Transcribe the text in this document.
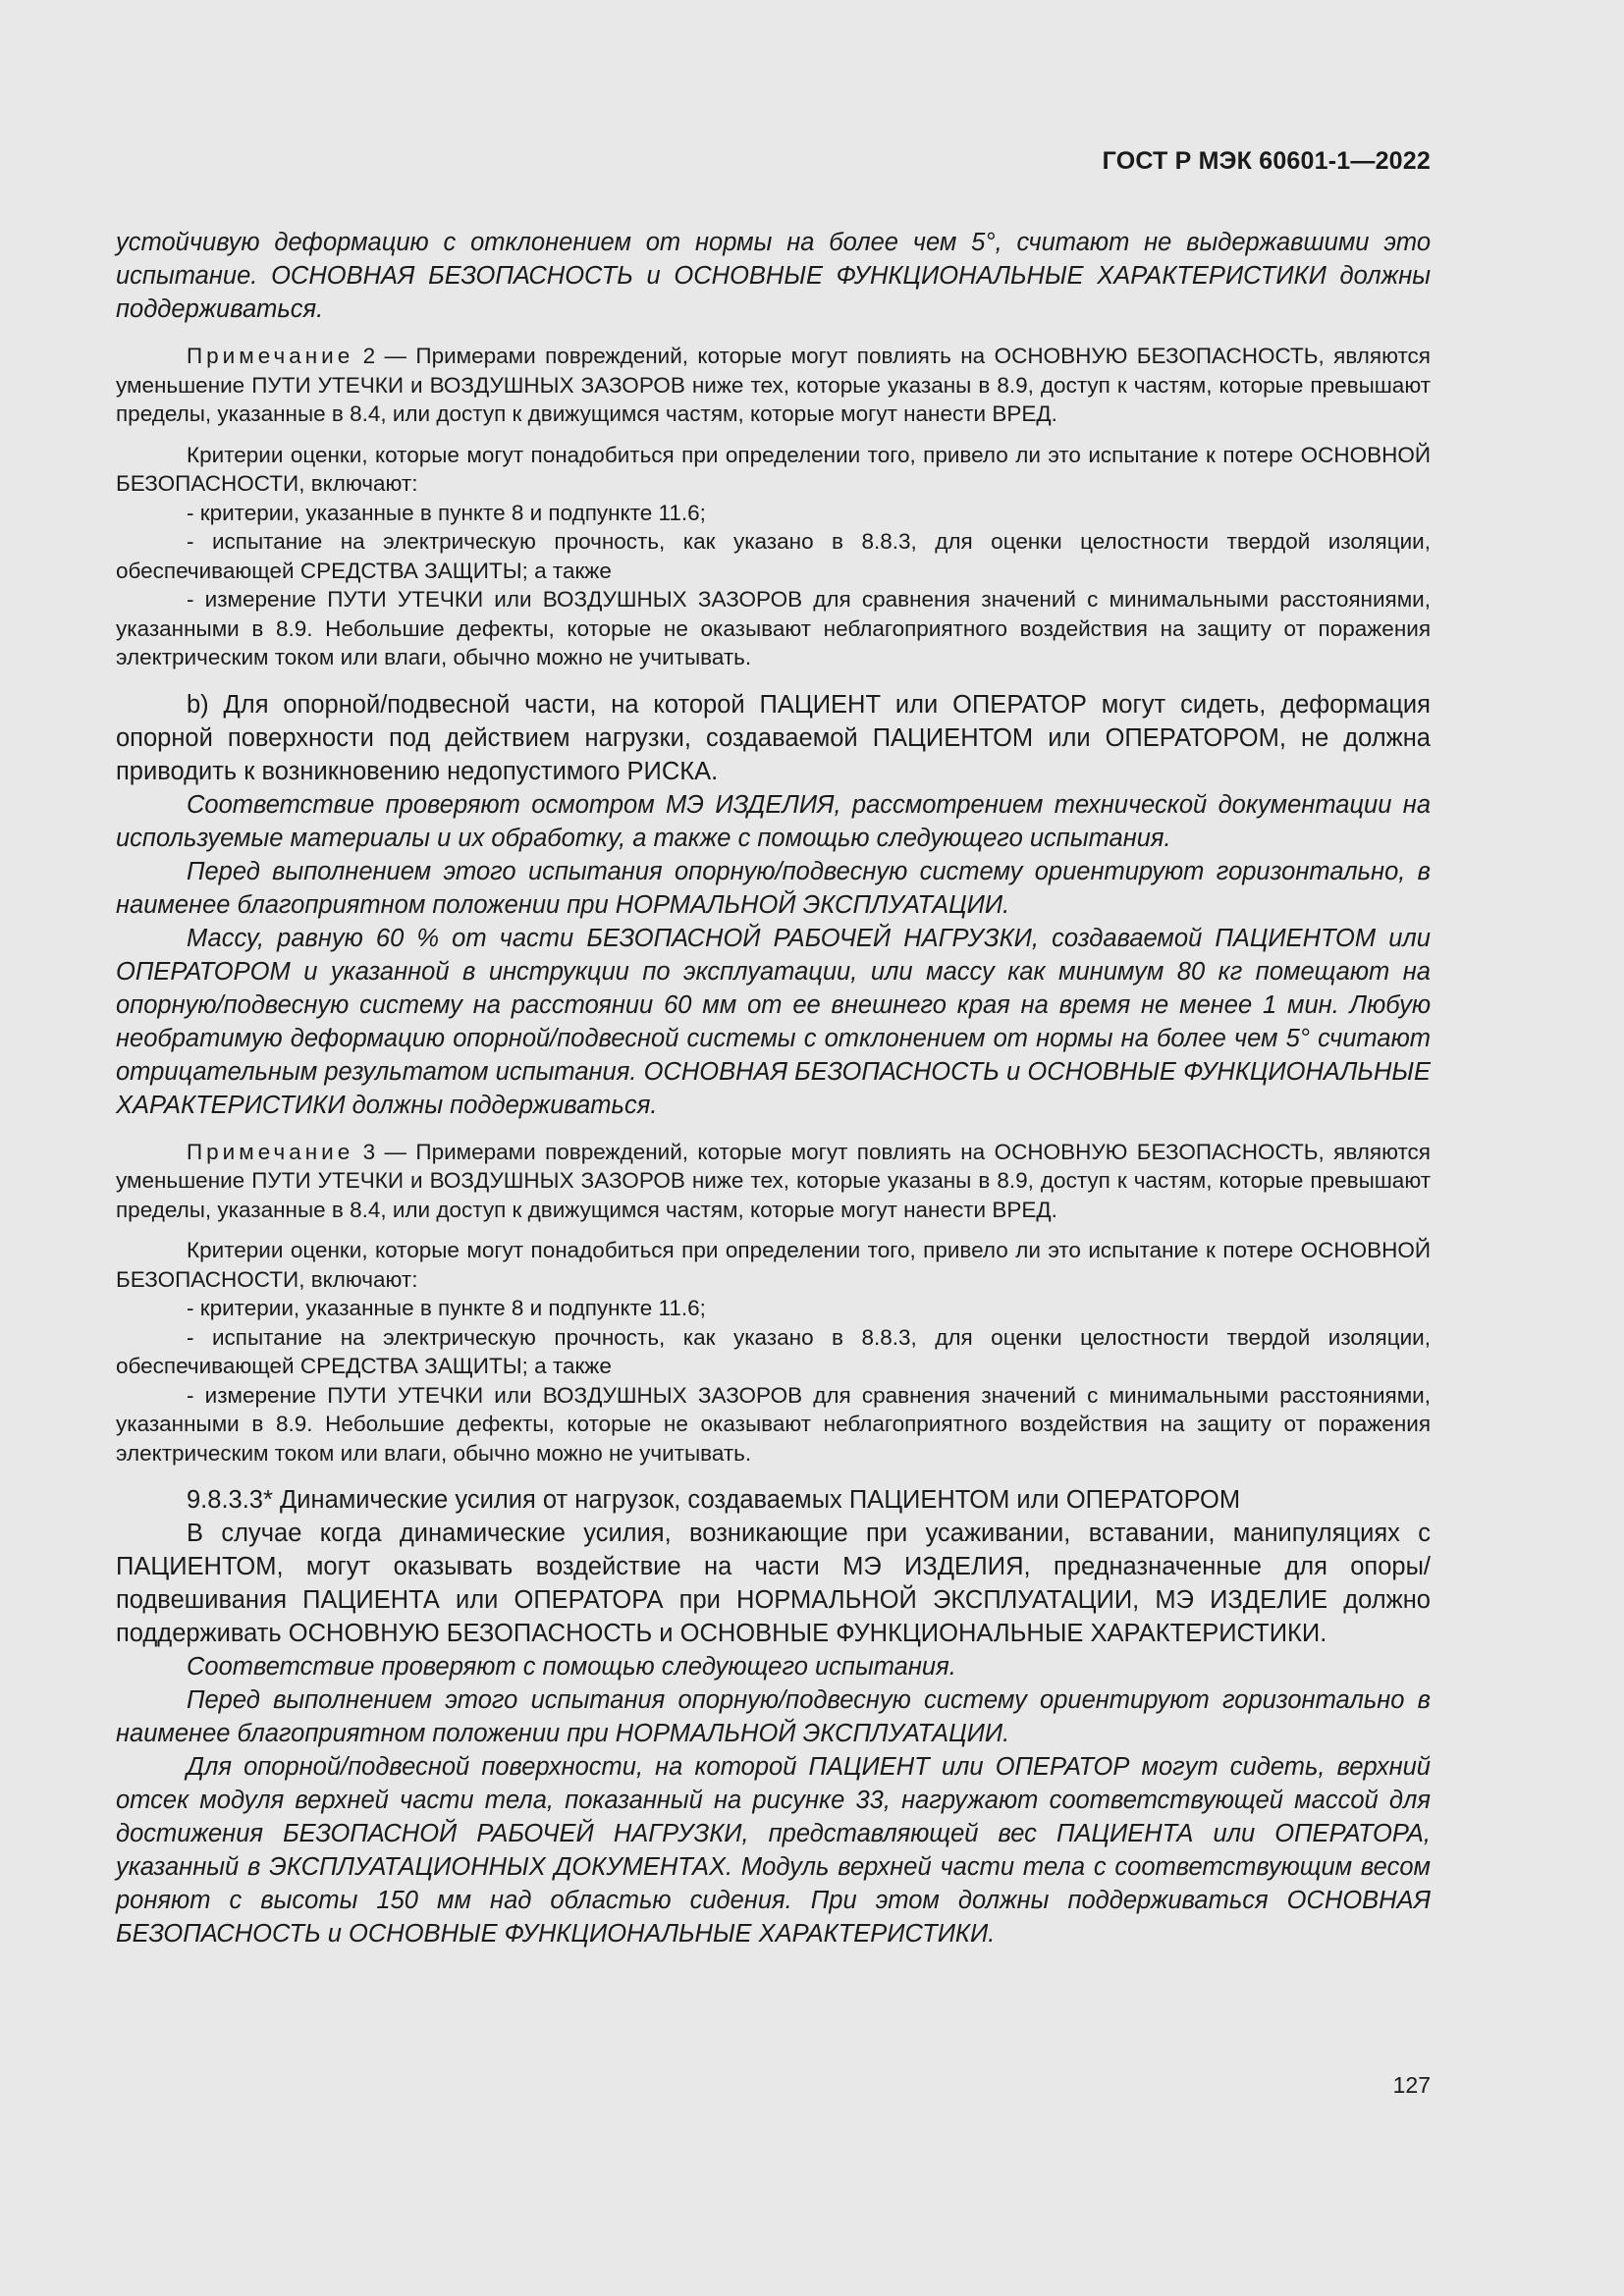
ГОСТ Р МЭК 60601-1—2022

устойчивую деформацию с отклонением от нормы на более чем 5°, считают не выдержавшими это испытание. ОСНОВНАЯ БЕЗОПАСНОСТЬ и ОСНОВНЫЕ ФУНКЦИОНАЛЬНЫЕ ХАРАКТЕРИСТИКИ должны поддерживаться.

Примечание 2 — Примерами повреждений, которые могут повлиять на ОСНОВНУЮ БЕЗОПАСНОСТЬ, являются уменьшение ПУТИ УТЕЧКИ и ВОЗДУШНЫХ ЗАЗОРОВ ниже тех, которые указаны в 8.9, доступ к частям, которые превышают пределы, указанные в 8.4, или доступ к движущимся частям, которые могут нанести ВРЕД.

Критерии оценки, которые могут понадобиться при определении того, привело ли это испытание к потере ОСНОВНОЙ БЕЗОПАСНОСТИ, включают:

- критерии, указанные в пункте 8 и подпункте 11.6;

- испытание на электрическую прочность, как указано в 8.8.3, для оценки целостности твердой изоляции, обеспечивающей СРЕДСТВА ЗАЩИТЫ; а также

- измерение ПУТИ УТЕЧКИ или ВОЗДУШНЫХ ЗАЗОРОВ для сравнения значений с минимальными расстояниями, указанными в 8.9. Небольшие дефекты, которые не оказывают неблагоприятного воздействия на защиту от поражения электрическим током или влаги, обычно можно не учитывать.

b) Для опорной/подвесной части, на которой ПАЦИЕНТ или ОПЕРАТОР могут сидеть, деформация опорной поверхности под действием нагрузки, создаваемой ПАЦИЕНТОМ или ОПЕРАТОРОМ, не должна приводить к возникновению недопустимого РИСКА.

Соответствие проверяют осмотром МЭ ИЗДЕЛИЯ, рассмотрением технической документации на используемые материалы и их обработку, а также с помощью следующего испытания.

Перед выполнением этого испытания опорную/подвесную систему ориентируют горизонтально, в наименее благоприятном положении при НОРМАЛЬНОЙ ЭКСПЛУАТАЦИИ.

Массу, равную 60 % от части БЕЗОПАСНОЙ РАБОЧЕЙ НАГРУЗКИ, создаваемой ПАЦИЕНТОМ или ОПЕРАТОРОМ и указанной в инструкции по эксплуатации, или массу как минимум 80 кг помещают на опорную/подвесную систему на расстоянии 60 мм от ее внешнего края на время не менее 1 мин. Любую необратимую деформацию опорной/подвесной системы с отклонением от нормы на более чем 5° считают отрицательным результатом испытания. ОСНОВНАЯ БЕЗОПАСНОСТЬ и ОСНОВНЫЕ ФУНКЦИОНАЛЬНЫЕ ХАРАКТЕРИСТИКИ должны поддерживаться.

Примечание 3 — Примерами повреждений, которые могут повлиять на ОСНОВНУЮ БЕЗОПАСНОСТЬ, являются уменьшение ПУТИ УТЕЧКИ и ВОЗДУШНЫХ ЗАЗОРОВ ниже тех, которые указаны в 8.9, доступ к частям, которые превышают пределы, указанные в 8.4, или доступ к движущимся частям, которые могут нанести ВРЕД.

Критерии оценки, которые могут понадобиться при определении того, привело ли это испытание к потере ОСНОВНОЙ БЕЗОПАСНОСТИ, включают:

- критерии, указанные в пункте 8 и подпункте 11.6;

- испытание на электрическую прочность, как указано в 8.8.3, для оценки целостности твердой изоляции, обеспечивающей СРЕДСТВА ЗАЩИТЫ; а также

- измерение ПУТИ УТЕЧКИ или ВОЗДУШНЫХ ЗАЗОРОВ для сравнения значений с минимальными расстояниями, указанными в 8.9. Небольшие дефекты, которые не оказывают неблагоприятного воздействия на защиту от поражения электрическим током или влаги, обычно можно не учитывать.

9.8.3.3* Динамические усилия от нагрузок, создаваемых ПАЦИЕНТОМ или ОПЕРАТОРОМ

В случае когда динамические усилия, возникающие при усаживании, вставании, манипуляциях с ПАЦИЕНТОМ, могут оказывать воздействие на части МЭ ИЗДЕЛИЯ, предназначенные для опоры/подвешивания ПАЦИЕНТА или ОПЕРАТОРА при НОРМАЛЬНОЙ ЭКСПЛУАТАЦИИ, МЭ ИЗДЕЛИЕ должно поддерживать ОСНОВНУЮ БЕЗОПАСНОСТЬ и ОСНОВНЫЕ ФУНКЦИОНАЛЬНЫЕ ХАРАКТЕРИСТИКИ.

Соответствие проверяют с помощью следующего испытания.

Перед выполнением этого испытания опорную/подвесную систему ориентируют горизонтально в наименее благоприятном положении при НОРМАЛЬНОЙ ЭКСПЛУАТАЦИИ.

Для опорной/подвесной поверхности, на которой ПАЦИЕНТ или ОПЕРАТОР могут сидеть, верхний отсек модуля верхней части тела, показанный на рисунке 33, нагружают соответствующей массой для достижения БЕЗОПАСНОЙ РАБОЧЕЙ НАГРУЗКИ, представляющей вес ПАЦИЕНТА или ОПЕРАТОРА, указанный в ЭКСПЛУАТАЦИОННЫХ ДОКУМЕНТАХ. Модуль верхней части тела с соответствующим весом роняют с высоты 150 мм над областью сидения. При этом должны поддерживаться ОСНОВНАЯ БЕЗОПАСНОСТЬ и ОСНОВНЫЕ ФУНКЦИОНАЛЬНЫЕ ХАРАКТЕРИСТИКИ.

127
